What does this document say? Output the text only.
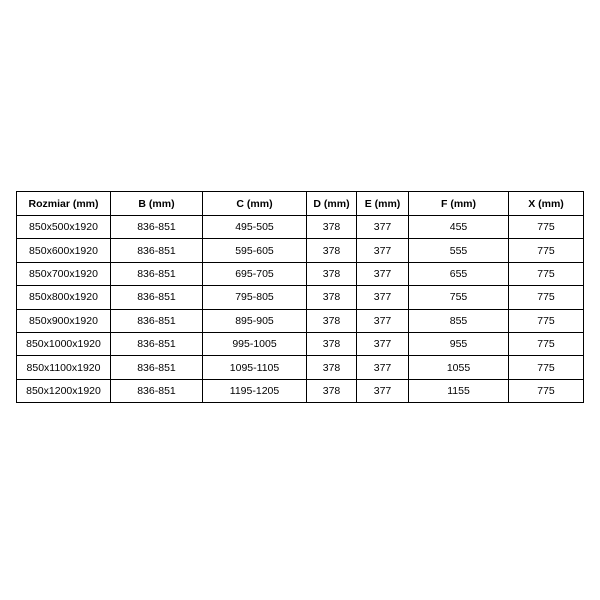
Rozmiar (mm)	B (mm)	C (mm)	D (mm)	E (mm)	F (mm)	X (mm)
850x500x1920	836-851	495-505	378	377	455	775
850x600x1920	836-851	595-605	378	377	555	775
850x700x1920	836-851	695-705	378	377	655	775
850x800x1920	836-851	795-805	378	377	755	775
850x900x1920	836-851	895-905	378	377	855	775
850x1000x1920	836-851	995-1005	378	377	955	775
850x1100x1920	836-851	1095-1105	378	377	1055	775
850x1200x1920	836-851	1195-1205	378	377	1155	775
